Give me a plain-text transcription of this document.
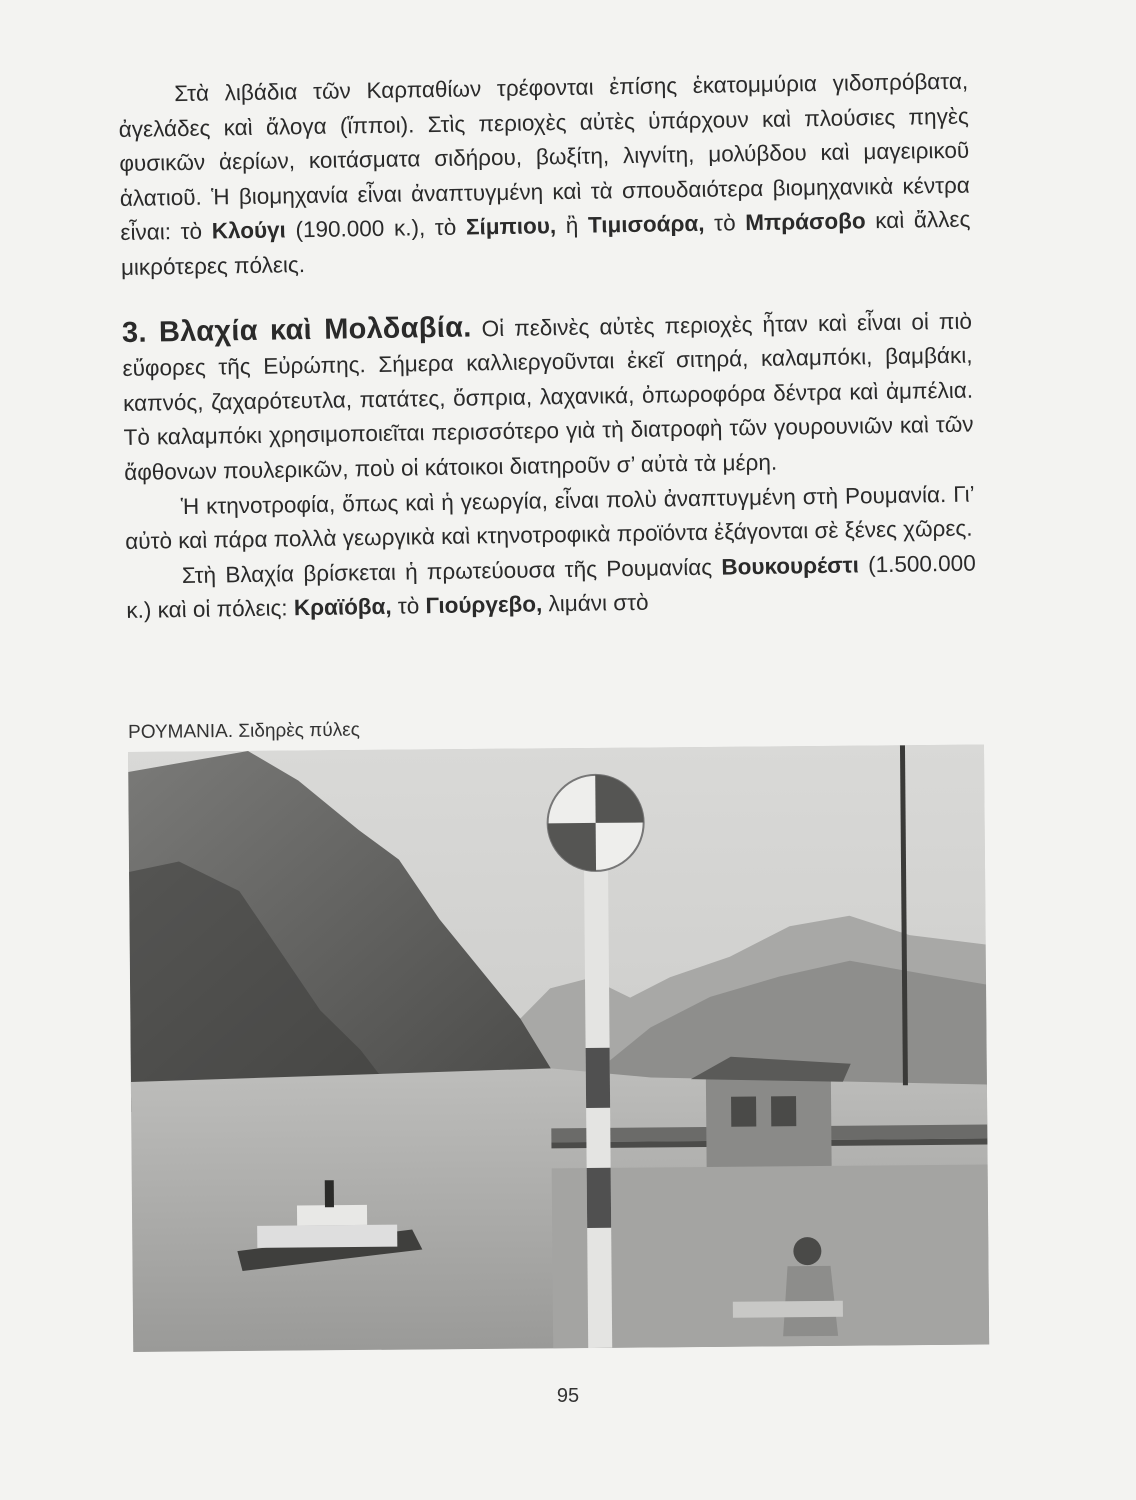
Στὰ λιβάδια τῶν Καρπαθίων τρέφονται ἐπίσης ἑκατομμύρια γιδοπρόβατα, ἀγελάδες καὶ ἄλογα (ἵπποι). Στὶς περιοχὲς αὐτὲς ὑπάρχουν καὶ πλούσιες πηγὲς φυσικῶν ἀερίων, κοιτάσματα σιδήρου, βωξίτη, λιγνίτη, μολύβδου καὶ μαγειρικοῦ ἁλατιοῦ. Ἡ βιομηχανία εἶναι ἀναπτυγμένη καὶ τὰ σπουδαιότερα βιομηχανικὰ κέντρα εἶναι: τὸ Κλούγι (190.000 κ.), τὸ Σίμπιου, ἢ Τιμισοάρα, τὸ Μπράσοβο καὶ ἄλλες μικρότερες πόλεις.

3. Βλαχία καὶ Μολδαβία. Οἱ πεδινὲς αὐτὲς περιοχὲς ἦταν καὶ εἶναι οἱ πιὸ εὔφορες τῆς Εὐρώπης. Σήμερα καλλιεργοῦνται ἐκεῖ σιτηρά, καλαμπόκι, βαμβάκι, καπνός, ζαχαρότευτλα, πατάτες, ὄσπρια, λαχανικά, ὀπωροφόρα δέντρα καὶ ἀμπέλια. Τὸ καλαμπόκι χρησιμοποιεῖται περισσότερο γιὰ τὴ διατροφὴ τῶν γουρουνιῶν καὶ τῶν ἄφθονων πουλερικῶν, ποὺ οἱ κάτοικοι διατηροῦν σ’ αὐτὰ τὰ μέρη.

Ἡ κτηνοτροφία, ὅπως καὶ ἡ γεωργία, εἶναι πολὺ ἀναπτυγμένη στὴ Ρουμανία. Γι’ αὐτὸ καὶ πάρα πολλὰ γεωργικὰ καὶ κτηνοτροφικὰ προϊόντα ἐξάγονται σὲ ξένες χῶρες.

Στὴ Βλαχία βρίσκεται ἡ πρωτεύουσα τῆς Ρουμανίας Βουκουρέστι (1.500.000 κ.) καὶ οἱ πόλεις: Κραϊόβα, τὸ Γιούργεβο, λιμάνι στὸ

ΡΟΥΜΑΝΙΑ. Σιδηρὲς πύλες
95
